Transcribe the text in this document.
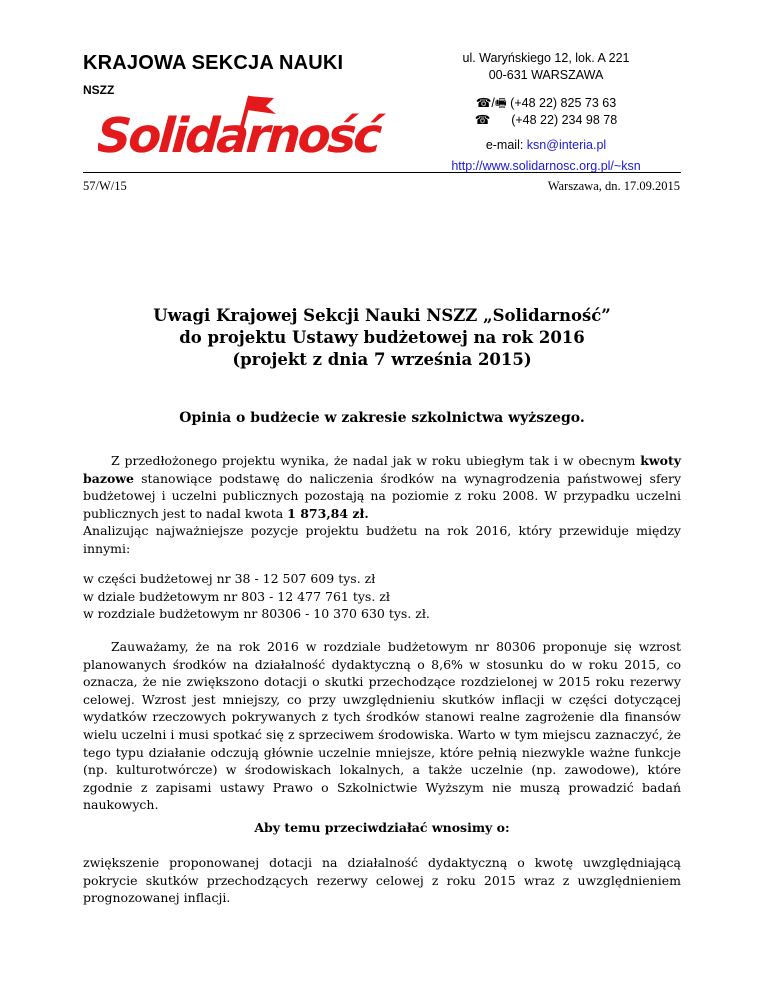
KRAJOWA SEKCJA NAUKI
NSZZ
Solidarność
ul. Waryńskiego 12, lok. A 221
00-631 WARSZAWA
☎/🖷 (+48 22) 825 73 63
☎      (+48 22) 234 98 78
e-mail: ksn@interia.pl
http://www.solidarnosc.org.pl/~ksn
57/W/15	Warszawa, dn. 17.09.2015
Uwagi Krajowej Sekcji Nauki NSZZ „Solidarność”
do projektu Ustawy budżetowej na rok 2016
(projekt z dnia 7 września 2015)
Opinia o budżecie w zakresie szkolnictwa wyższego.

Z przedłożonego projektu wynika, że nadal jak w roku ubiegłym tak i w obecnym kwoty bazowe stanowiące podstawę do naliczenia środków na wynagrodzenia państwowej sfery budżetowej i uczelni publicznych pozostają na poziomie z roku 2008. W przypadku uczelni publicznych jest to nadal kwota 1 873,84 zł.

Analizując najważniejsze pozycje projektu budżetu na rok 2016, który przewiduje między innymi:

w części budżetowej nr 38 - 12 507 609 tys. zł
w dziale budżetowym nr 803 - 12 477 761 tys. zł
w rozdziale budżetowym nr 80306 - 10 370 630 tys. zł.
Zauważamy, że na rok 2016 w rozdziale budżetowym nr 80306 proponuje się wzrost planowanych środków na działalność dydaktyczną o 8,6% w stosunku do w roku 2015, co oznacza, że nie zwiększono dotacji o skutki przechodzące rozdzielonej w 2015 roku rezerwy celowej. Wzrost jest mniejszy, co przy uwzględnieniu skutków inflacji w części dotyczącej wydatków rzeczowych pokrywanych z tych środków stanowi realne zagrożenie dla finansów wielu uczelni i musi spotkać się z sprzeciwem środowiska. Warto w tym miejscu zaznaczyć, że tego typu działanie odczują głównie uczelnie mniejsze, które pełnią niezwykle ważne funkcje (np. kulturotwórcze) w środowiskach lokalnych, a także uczelnie (np. zawodowe), które zgodnie z zapisami ustawy Prawo o Szkolnictwie Wyższym nie muszą prowadzić badań naukowych.
Aby temu przeciwdziałać wnosimy o:
zwiększenie proponowanej dotacji na działalność dydaktyczną o kwotę uwzględniającą pokrycie skutków przechodzących rezerwy celowej z roku 2015 wraz z uwzględnieniem prognozowanej inflacji.
